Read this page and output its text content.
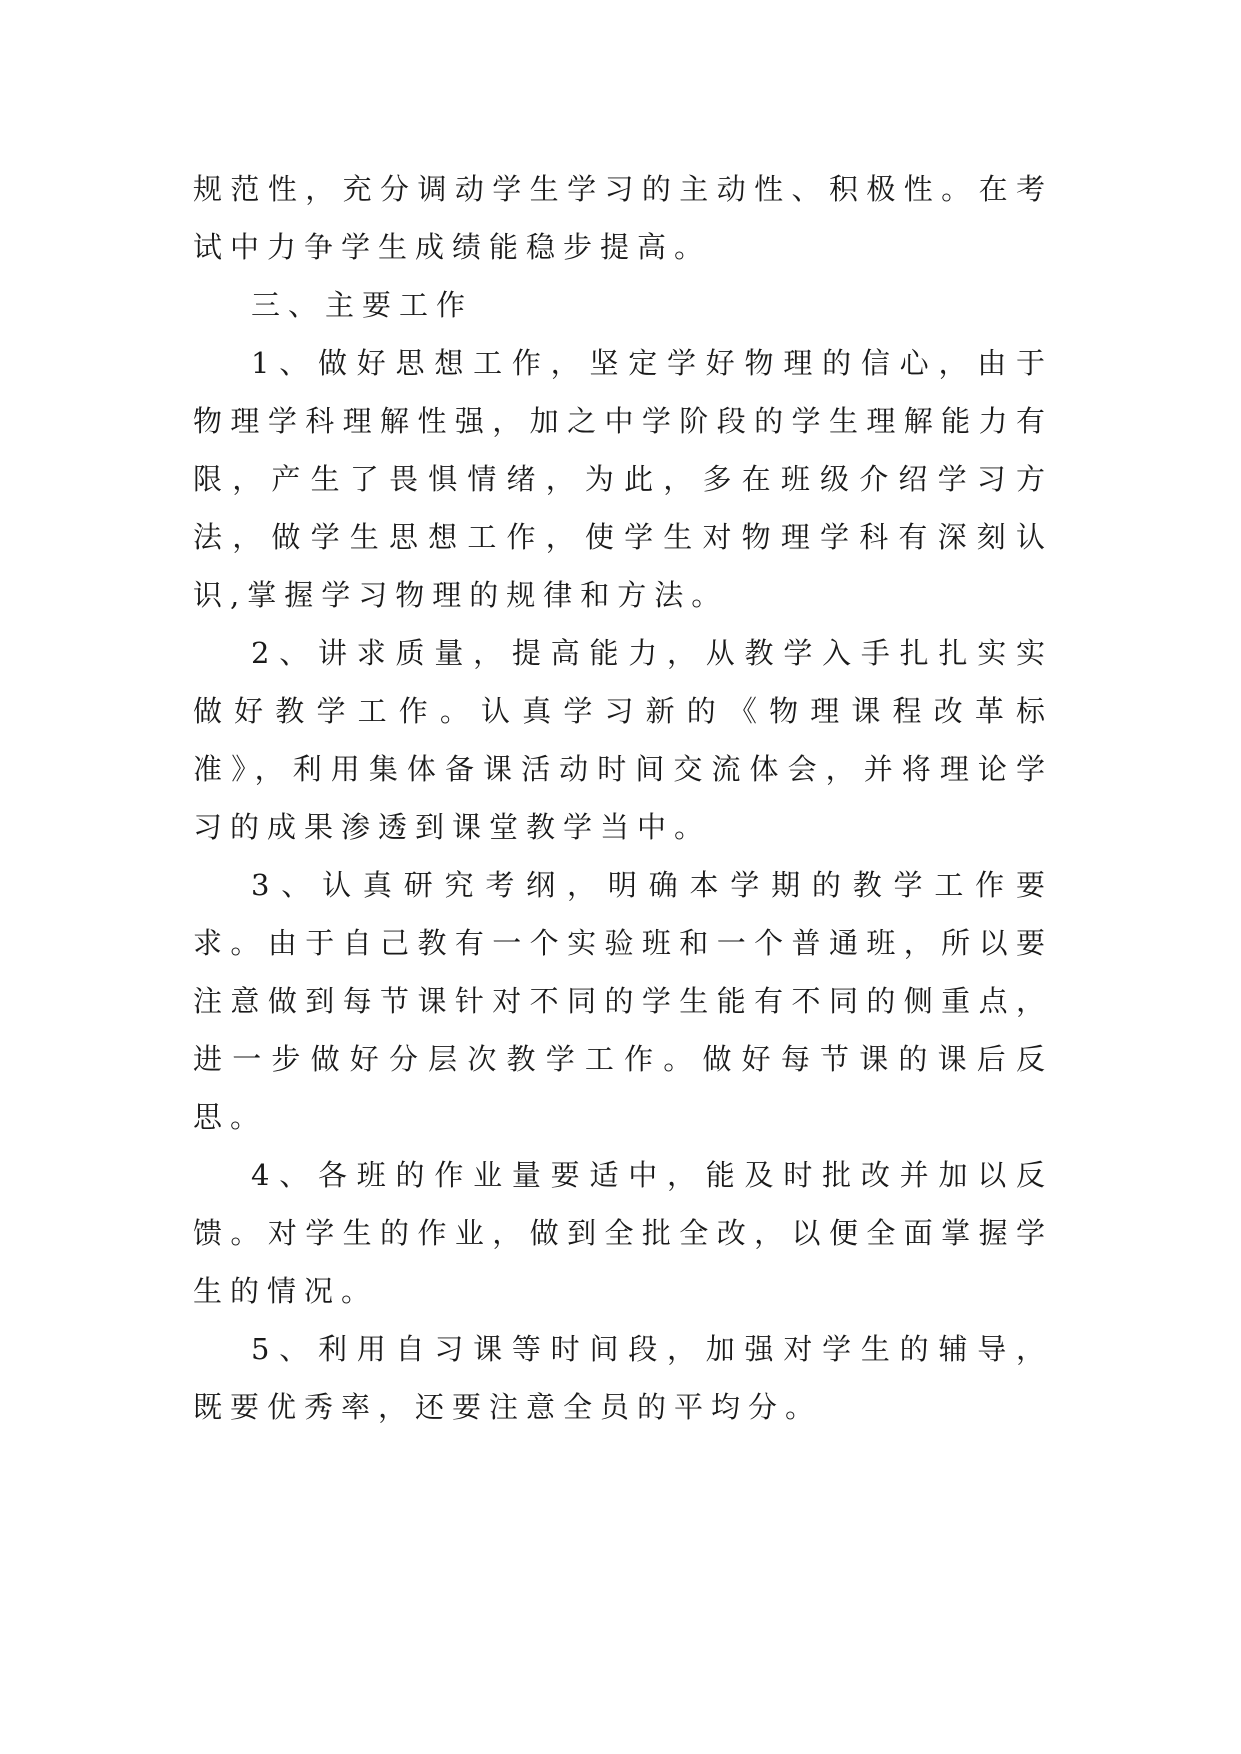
规范性，充分调动学生学习的主动性、积极性。在考试中力争学生成绩能稳步提高。

三、主要工作

1、做好思想工作，坚定学好物理的信心，由于物理学科理解性强，加之中学阶段的学生理解能力有限，产生了畏惧情绪，为此，多在班级介绍学习方法，做学生思想工作，使学生对物理学科有深刻认识,掌握学习物理的规律和方法。

2、讲求质量，提高能力，从教学入手扎扎实实做好教学工作。认真学习新的《物理课程改革标准》，利用集体备课活动时间交流体会，并将理论学习的成果渗透到课堂教学当中。

3、认真研究考纲，明确本学期的教学工作要求。由于自己教有一个实验班和一个普通班，所以要注意做到每节课针对不同的学生能有不同的侧重点，进一步做好分层次教学工作。做好每节课的课后反思。

4、各班的作业量要适中，能及时批改并加以反馈。对学生的作业，做到全批全改，以便全面掌握学生的情况。

5、利用自习课等时间段，加强对学生的辅导，既要优秀率，还要注意全员的平均分。
